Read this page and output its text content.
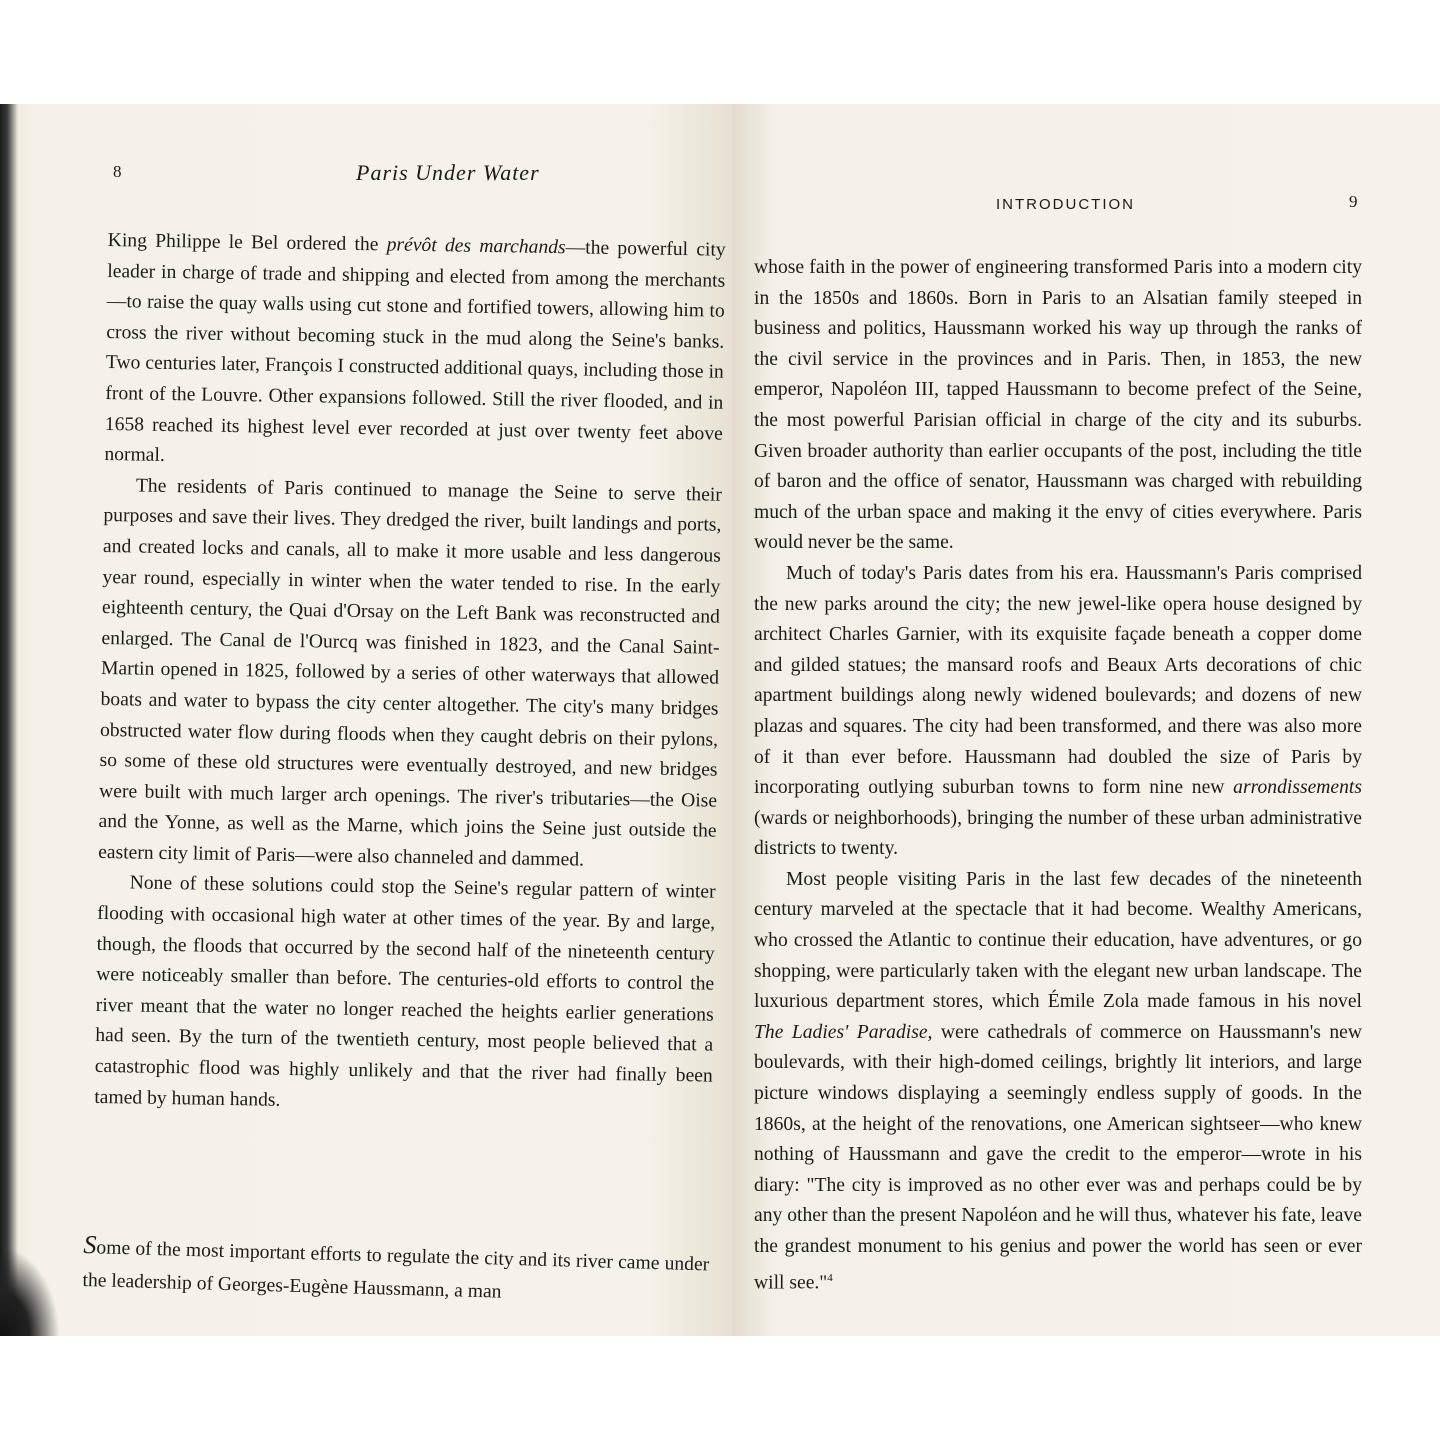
8	Paris Under Water

King Philippe le Bel ordered the prévôt des marchands—the powerful city leader in charge of trade and shipping and elected from among the merchants—to raise the quay walls using cut stone and fortified towers, allowing him to cross the river without becoming stuck in the mud along the Seine's banks. Two centuries later, François I constructed additional quays, including those in front of the Louvre. Other expansions followed. Still the river flooded, and in 1658 reached its highest level ever recorded at just over twenty feet above normal.

The residents of Paris continued to manage the Seine to serve their purposes and save their lives. They dredged the river, built landings and ports, and created locks and canals, all to make it more usable and less dangerous year round, especially in winter when the water tended to rise. In the early eighteenth century, the Quai d'Orsay on the Left Bank was reconstructed and enlarged. The Canal de l'Ourcq was finished in 1823, and the Canal Saint-Martin opened in 1825, followed by a series of other waterways that allowed boats and water to bypass the city center altogether. The city's many bridges obstructed water flow during floods when they caught debris on their pylons, so some of these old structures were eventually destroyed, and new bridges were built with much larger arch openings. The river's tributaries—the Oise and the Yonne, as well as the Marne, which joins the Seine just outside the eastern city limit of Paris—were also channeled and dammed.

None of these solutions could stop the Seine's regular pattern of winter flooding with occasional high water at other times of the year. By and large, though, the floods that occurred by the second half of the nineteenth century were noticeably smaller than before. The centuries-old efforts to control the river meant that the water no longer reached the heights earlier generations had seen. By the turn of the twentieth century, most people believed that a catastrophic flood was highly unlikely and that the river had finally been tamed by human hands.

Some of the most important efforts to regulate the city and its river came under the leadership of Georges-Eugène Haussmann, a man
INTRODUCTION	9

whose faith in the power of engineering transformed Paris into a modern city in the 1850s and 1860s. Born in Paris to an Alsatian family steeped in business and politics, Haussmann worked his way up through the ranks of the civil service in the provinces and in Paris. Then, in 1853, the new emperor, Napoléon III, tapped Haussmann to become prefect of the Seine, the most powerful Parisian official in charge of the city and its suburbs. Given broader authority than earlier occupants of the post, including the title of baron and the office of senator, Haussmann was charged with rebuilding much of the urban space and making it the envy of cities everywhere. Paris would never be the same.

Much of today's Paris dates from his era. Haussmann's Paris comprised the new parks around the city; the new jewel-like opera house designed by architect Charles Garnier, with its exquisite façade beneath a copper dome and gilded statues; the mansard roofs and Beaux Arts decorations of chic apartment buildings along newly widened boulevards; and dozens of new plazas and squares. The city had been transformed, and there was also more of it than ever before. Haussmann had doubled the size of Paris by incorporating outlying suburban towns to form nine new arrondissements (wards or neighborhoods), bringing the number of these urban administrative districts to twenty.

Most people visiting Paris in the last few decades of the nineteenth century marveled at the spectacle that it had become. Wealthy Americans, who crossed the Atlantic to continue their education, have adventures, or go shopping, were particularly taken with the elegant new urban landscape. The luxurious department stores, which Émile Zola made famous in his novel The Ladies' Paradise, were cathedrals of commerce on Haussmann's new boulevards, with their high-domed ceilings, brightly lit interiors, and large picture windows displaying a seemingly endless supply of goods. In the 1860s, at the height of the renovations, one American sightseer—who knew nothing of Haussmann and gave the credit to the emperor—wrote in his diary: "The city is improved as no other ever was and perhaps could be by any other than the present Napoléon and he will thus, whatever his fate, leave the grandest monument to his genius and power the world has seen or ever will see."$^4$
